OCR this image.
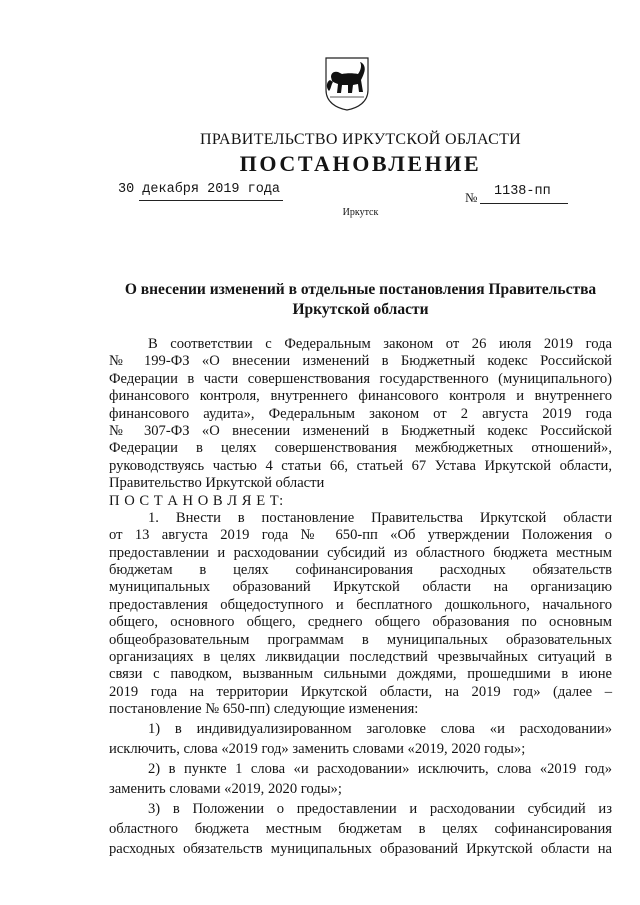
ПРАВИТЕЛЬСТВО ИРКУТСКОЙ ОБЛАСТИ
ПОСТАНОВЛЕНИЕ
30 декабря 2019 года
№ 1138-пп
Иркутск
О внесении изменений в отдельные постановления Правительства
Иркутской области
В соответствии с Федеральным законом от 26 июля 2019 года
№ 199-ФЗ «О внесении изменений в Бюджетный кодекс Российской
Федерации в части совершенствования государственного (муниципального)
финансового контроля, внутреннего финансового контроля и внутреннего
финансового аудита», Федеральным законом от 2 августа 2019 года
№ 307-ФЗ «О внесении изменений в Бюджетный кодекс Российской
Федерации в целях совершенствования межбюджетных отношений»,
руководствуясь частью 4 статьи 66, статьей 67 Устава Иркутской области,
Правительство Иркутской области
П О С Т А Н О В Л Я Е Т:
1. Внести в постановление Правительства Иркутской области
от 13 августа 2019 года № 650-пп «Об утверждении Положения о
предоставлении и расходовании субсидий из областного бюджета местным
бюджетам в целях софинансирования расходных обязательств
муниципальных образований Иркутской области на организацию
предоставления общедоступного и бесплатного дошкольного, начального
общего, основного общего, среднего общего образования по основным
общеобразовательным программам в муниципальных образовательных
организациях в целях ликвидации последствий чрезвычайных ситуаций в
связи с паводком, вызванным сильными дождями, прошедшими в июне
2019 года на территории Иркутской области, на 2019 год» (далее –
постановление № 650-пп) следующие изменения:
1) в индивидуализированном заголовке слова «и расходовании»
исключить, слова «2019 год» заменить словами «2019, 2020 годы»;
2) в пункте 1 слова «и расходовании» исключить, слова «2019 год»
заменить словами «2019, 2020 годы»;
3) в Положении о предоставлении и расходовании субсидий из
областного бюджета местным бюджетам в целях софинансирования
расходных обязательств муниципальных образований Иркутской области на
